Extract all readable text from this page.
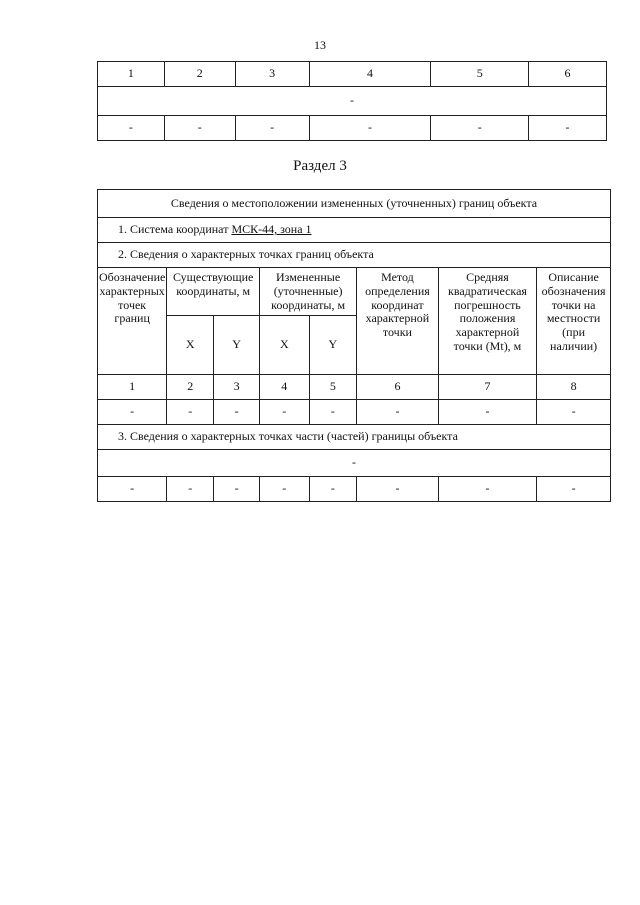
13
1	2	3	4	5	6
-					
-	-	-	-	-	-
Раздел 3
Сведения о местоположении измененных (уточненных) границ объекта							
1. Система координат МСК-44, зона 1							
2. Сведения о характерных точках границ объекта							
Обозначение характерных точек границ	Существующие координаты, м		Измененные (уточненные) координаты, м		Метод определения координат характерной точки	Средняя квадратическая погрешность положения характерной точки (Mt), м	Описание обозначения точки на местности (при наличии)
	X	Y	X	Y			
1	2	3	4	5	6	7	8
-	-	-	-	-	-	-	-
3. Сведения о характерных точках части (частей) границы объекта							
-							
-	-	-	-	-	-	-	-
